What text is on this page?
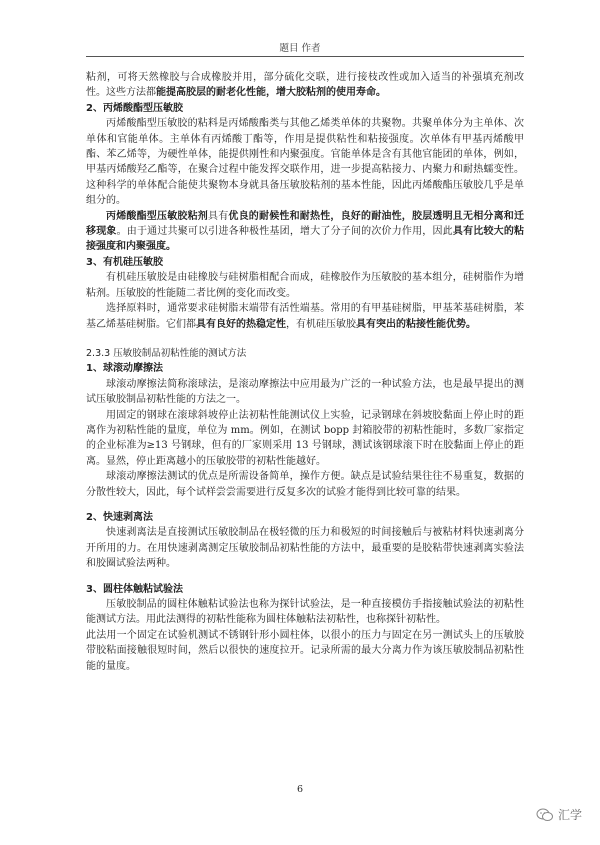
题目 作者

粘剂，可将天然橡胶与合成橡胶并用，部分硫化交联，进行接枝改性或加入适当的补强填充剂改性。这些方法都能提高胶层的耐老化性能，增大胶粘剂的使用寿命。

2、丙烯酸酯型压敏胶

丙烯酸酯型压敏胶的粘料是丙烯酸酯类与其他乙烯类单体的共聚物。共聚单体分为主单体、次单体和官能单体。主单体有丙烯酸丁酯等，作用是提供粘性和粘接强度。次单体有甲基丙烯酸甲酯、苯乙烯等，为硬性单体，能提供刚性和内聚强度。官能单体是含有其他官能团的单体，例如，甲基丙烯酸羟乙酯等，在聚合过程中能发挥交联作用，进一步提高粘接力、内聚力和耐热蠕变性。这种科学的单体配合能使共聚物本身就具备压敏胶粘剂的基本性能，因此丙烯酸酯压敏胶几乎是单组分的。

丙烯酸酯型压敏胶粘剂具有优良的耐候性和耐热性，良好的耐油性，胶层透明且无相分离和迁移现象。由于通过共聚可以引进各种极性基团，增大了分子间的次价力作用，因此具有比较大的粘接强度和内聚强度。

3、有机硅压敏胶

有机硅压敏胶是由硅橡胶与硅树脂相配合而成，硅橡胶作为压敏胶的基本组分，硅树脂作为增粘剂。压敏胶的性能随二者比例的变化而改变。

选择原料时，通常要求硅树脂末端带有活性端基。常用的有甲基硅树脂，甲基苯基硅树脂，苯基乙烯基硅树脂。它们都具有良好的热稳定性，有机硅压敏胶具有突出的粘接性能优势。

2.3.3 压敏胶制品初粘性能的测试方法

1、球滚动摩擦法

球滚动摩擦法简称滚球法，是滚动摩擦法中应用最为广泛的一种试验方法，也是最早提出的测试压敏胶制品初粘性能的方法之一。

用固定的钢球在滚球斜坡停止法初粘性能测试仪上实验，记录钢球在斜坡胶黏面上停止时的距离作为初粘性能的量度，单位为 mm。例如，在测试 bopp 封箱胶带的初粘性能时，多数厂家指定的企业标准为≥13 号钢球，但有的厂家则采用 13 号钢球，测试该钢球滚下时在胶黏面上停止的距离。显然，停止距离越小的压敏胶带的初粘性能越好。

球滚动摩擦法测试的优点是所需设备简单，操作方便。缺点是试验结果往往不易重复，数据的分散性较大，因此，每个试样尝尝需要进行反复多次的试验才能得到比较可靠的结果。

2、快速剥离法

快速剥离法是直接测试压敏胶制品在极轻微的压力和极短的时间接触后与被粘材料快速剥离分开所用的力。在用快速剥离测定压敏胶制品初粘性能的方法中，最重要的是胶粘带快速剥离实验法和胶圈试验法两种。

3、圆柱体触粘试验法

压敏胶制品的圆柱体触粘试验法也称为探针试验法，是一种直接模仿手指接触试验法的初粘性能测试方法。用此法测得的初粘性能称为圆柱体触粘法初粘性，也称探针初粘性。

此法用一个固定在试验机测试不锈钢针形小圆柱体，以很小的压力与固定在另一测试头上的压敏胶带胶粘面接触很短时间，然后以很快的速度拉开。记录所需的最大分离力作为该压敏胶制品初粘性能的量度。

6
汇学
